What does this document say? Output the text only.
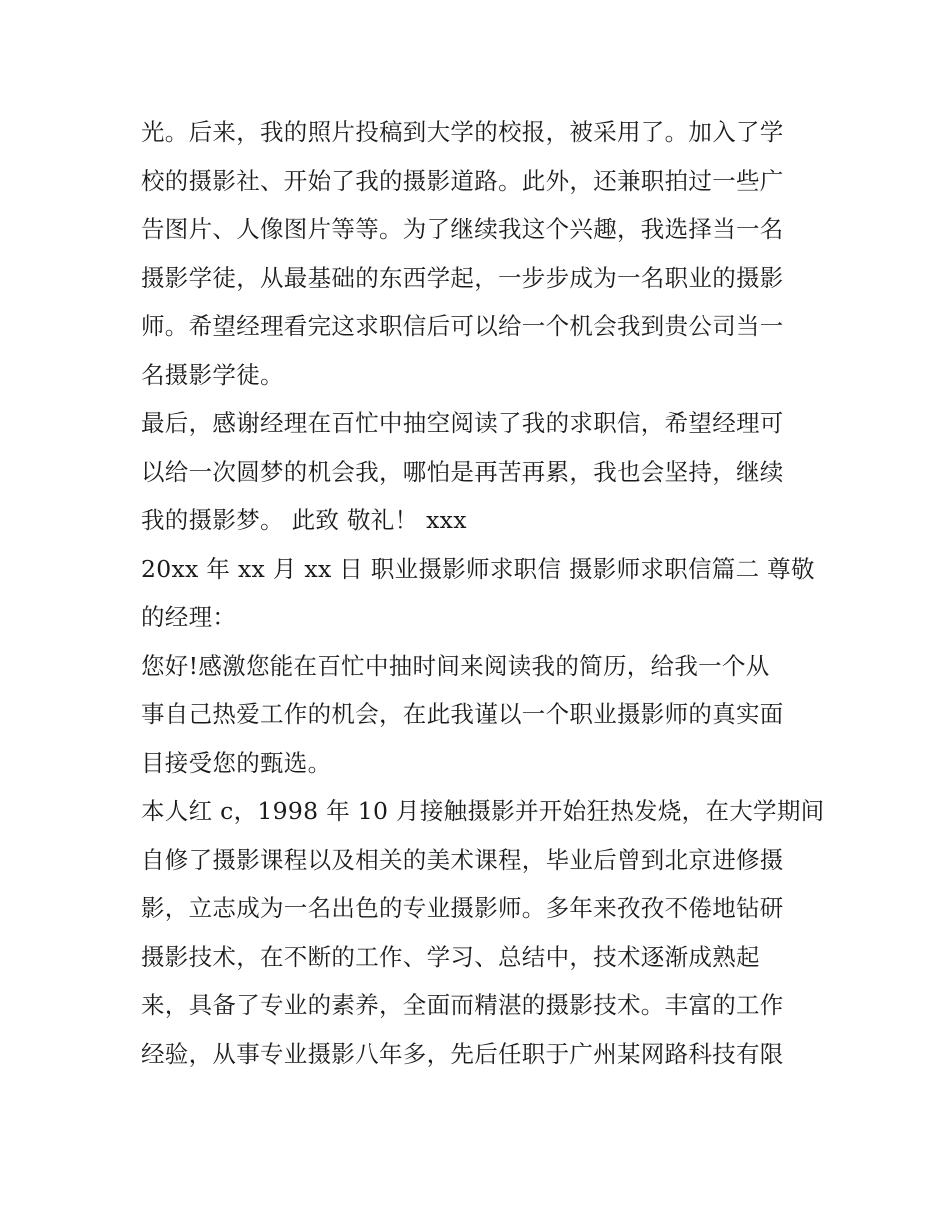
光。后来，我的照片投稿到大学的校报，被采用了。加入了学
校的摄影社、开始了我的摄影道路。此外，还兼职拍过一些广
告图片、人像图片等等。为了继续我这个兴趣，我选择当一名
摄影学徒，从最基础的东西学起，一步步成为一名职业的摄影
师。希望经理看完这求职信后可以给一个机会我到贵公司当一
名摄影学徒。
最后，感谢经理在百忙中抽空阅读了我的求职信，希望经理可
以给一次圆梦的机会我，哪怕是再苦再累，我也会坚持，继续
我的摄影梦。 此致 敬礼！ xxx
20xx 年 xx 月 xx 日 职业摄影师求职信 摄影师求职信篇二 尊敬
的经理：
您好!感激您能在百忙中抽时间来阅读我的简历，给我一个从
事自己热爱工作的机会，在此我谨以一个职业摄影师的真实面
目接受您的甄选。
本人红 c，1998 年 10 月接触摄影并开始狂热发烧，在大学期间
自修了摄影课程以及相关的美术课程，毕业后曾到北京进修摄
影，立志成为一名出色的专业摄影师。多年来孜孜不倦地钻研
摄影技术，在不断的工作、学习、总结中，技术逐渐成熟起
来，具备了专业的素养，全面而精湛的摄影技术。丰富的工作
经验，从事专业摄影八年多，先后任职于广州某网路科技有限
